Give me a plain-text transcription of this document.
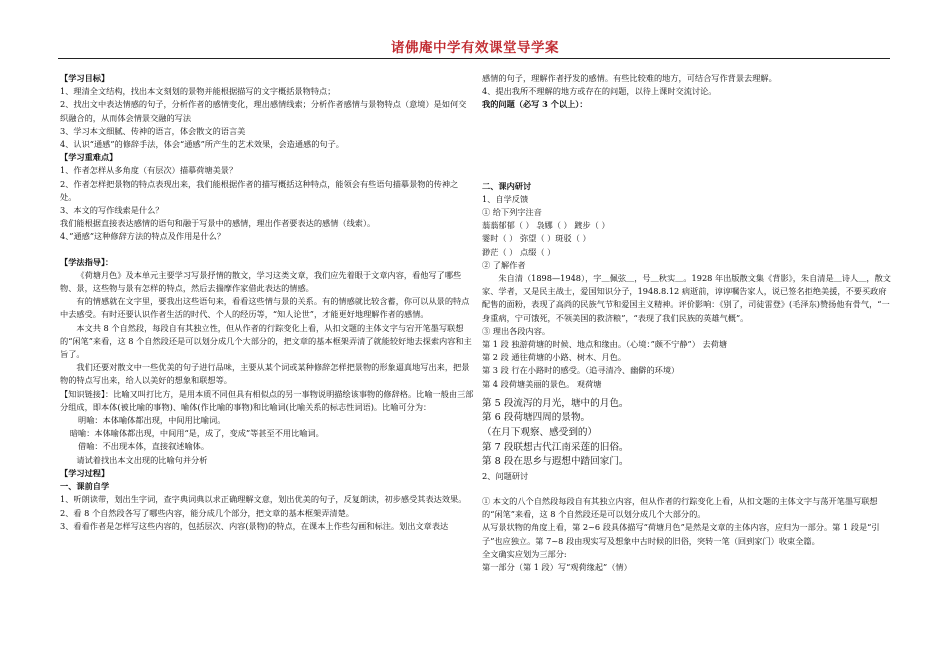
诸佛庵中学有效课堂导学案

【学习目标】

1、理清全文结构，找出本文刻划的景物并能根据描写的文字概括景物特点；

2、找出文中表达情感的句子，分析作者的感情变化，理出感情线索；分析作者感情与景物特点（意境）是如何交织融合的，从而体会情景交融的写法

3、学习本文细腻、传神的语言，体会散文的语言美

4、认识“通感”的修辞手法，体会“通感”所产生的艺术效果，会造通感的句子。

【学习重难点】

1、作者怎样从多角度（有层次）描摹荷塘美景？

2、作者怎样把景物的特点表现出来，我们能根据作者的描写概括这种特点，能领会有些语句描摹景物的传神之处。

3、本文的写作线索是什么？

我们能根据直接表达感情的语句和融于写景中的感情，理出作者要表达的感情（线索）。

4、”通感”这种修辞方法的特点及作用是什么？

【学法指导】：

《荷塘月色》及本单元主要学习写景抒情的散文，学习这类文章，我们应先着眼于文章内容，看他写了哪些物、景，这些物与景有怎样的特点，然后去揣摩作家借此表达的情感。

有的情感就在文字里，要我出这些语句来，看看这些情与景的关系。有的情感就比较含蓄，你可以从景的特点中去感受。有时还要认识作者生活的时代、个人的经历等，“知人论世”，才能更好地理解作者的感情。

本文共 8 个自然段，每段自有其独立性，但从作者的行踪变化上看，从扣文题的主体文字与宕开笔墨写联想的“闲笔”来看，这 8 个自然段还是可以划分成几个大部分的，把文章的基本框架弄清了就能较好地去探索内容和主旨了。

我们还要对散文中一些优美的句子进行品味，主要从某个词或某种修辞怎样把景物的形象逼真地写出来，把景物的特点写出来，给人以美好的想象和联想等。

【知识链接】：比喻又叫打比方，是用本质不同但具有相似点的另一事物说明描绘该事物的修辞格。比喻一般由三部分组成，即本体(被比喻的事物)、喻体(作比喻的事物)和比喻词(比喻关系的标志性词语)。比喻可分为：

明喻：本体喻体都出现，中间用比喻词。

暗喻：本体喻体都出现，中间用“是，成了，变成”等甚至不用比喻词。

借喻：不出现本体，直接叙述喻体。

请试着找出本文出现的比喻句并分析

【学习过程】

一、课前自学

1、听朗读带，划出生字词，查字典词典以求正确理解文意，划出优美的句子，反复朗读，初步感受其表达效果。

2、看 8 个自然段各写了哪些内容，能分成几个部分，把文章的基本框架弄清楚。

3、看看作者是怎样写这些内容的，包括层次、内容(景物)的特点，在课本上作些勾画和标注。划出文章表达

感情的句子，理解作者抒发的感情。有些比较难的地方，可结合写作背景去理解。

4、提出我所不理解的地方或存在的问题，以待上课时交流讨论。

我的问题（必写 3 个以上）：

二、课内研讨

1、自学反馈

① 给下列字注音

蓊蓊郁郁（ ） 袅娜（ ） 踱步（ ）

霎时（ ） 弥望（ ）斑驳（ ）

渺茫（ ） 点缀（ ）

② 了解作者

朱自清（1898—1948），字＿佩弦＿，号＿秋实＿。1928 年出版散文集《背影》，朱自清是＿诗人＿，散文家、学者，又是民主战士，爱国知识分子，1948.8.12 病逝前，谆谆嘱告家人，说已签名拒绝美援，不要买政府配售的面粉，表现了高尚的民族气节和爱国主义精神。评价影响：《别了，司徒雷登》(毛泽东)赞扬他有骨气，“一身重病，宁可饿死，不领美国的救济粮”，“表现了我们民族的英雄气概”。

③ 理出各段内容。

第 1 段 独游荷塘的时候、地点和缘由。（心境：”颇不宁静”） 去荷塘

第 2 段 通往荷塘的小路、树木、月色。

第 3 段 行在小路时的感受。（追寻清冷、幽僻的环境）

第 4 段荷塘美丽的景色。 观荷塘

第 5 段流泻的月光，塘中的月色。

第 6 段荷塘四周的景物。

（在月下观察、感受到的）

第 7 段联想古代江南采莲的旧俗。

第 8 段在思乡与遐想中踏回家门。

2、问题研讨

① 本文的八个自然段每段自有其独立内容，但从作者的行踪变化上看，从扣文题的主体文字与荡开笔墨写联想的“闲笔”来看，这 8 个自然段还是可以划分成几个大部分的。

从写景状物的角度上看，第 2~6 段具体描写“荷塘月色”是然是文章的主体内容，应归为一部分。第 1 段是“引子”也应独立。第 7~8 段由现实写及想象中古时候的旧俗，突转一笔（回到家门）收束全篇。

全文确实应划为三部分:

第一部分（第 1 段）写“观荷缘起”（情）
